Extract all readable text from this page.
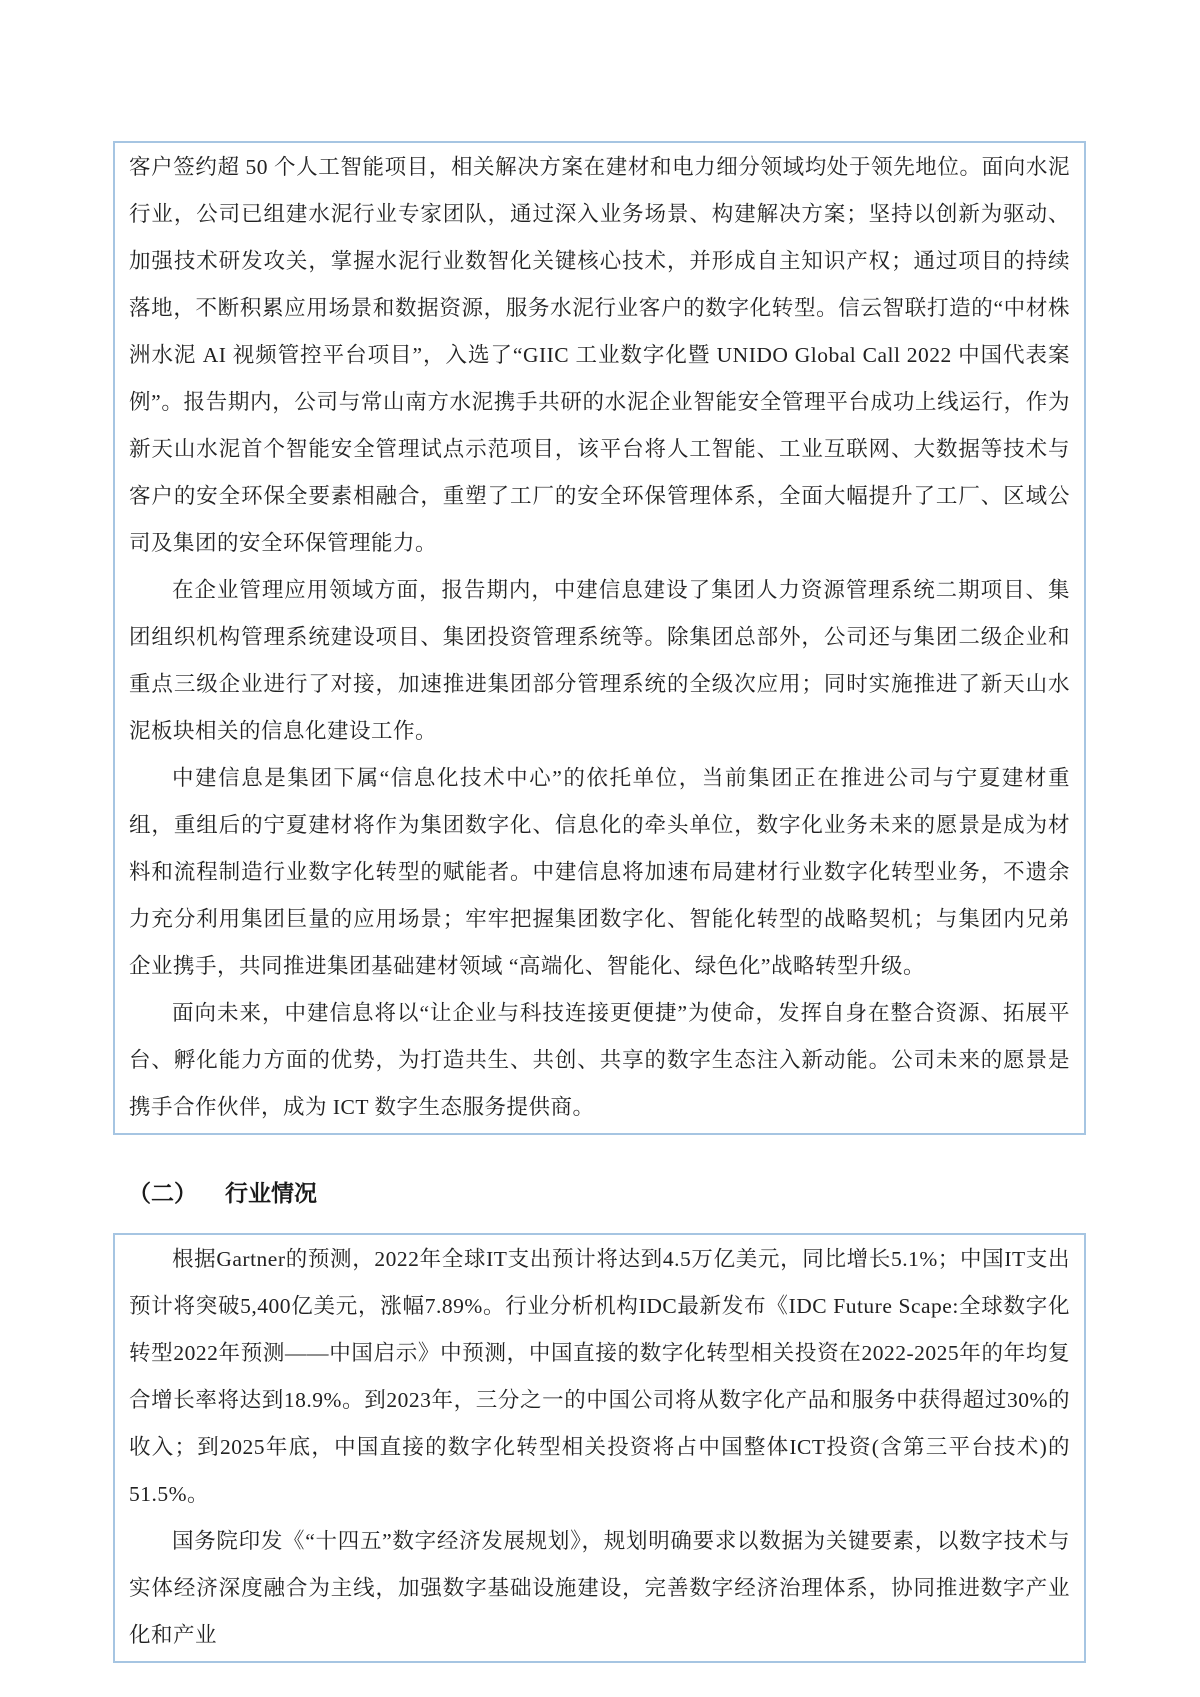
客户签约超 50 个人工智能项目，相关解决方案在建材和电力细分领域均处于领先地位。面向水泥行业，公司已组建水泥行业专家团队，通过深入业务场景、构建解决方案；坚持以创新为驱动、加强技术研发攻关，掌握水泥行业数智化关键核心技术，并形成自主知识产权；通过项目的持续落地，不断积累应用场景和数据资源，服务水泥行业客户的数字化转型。信云智联打造的“中材株洲水泥 AI 视频管控平台项目”，入选了“GIIC 工业数字化暨 UNIDO Global Call 2022 中国代表案例”。报告期内，公司与常山南方水泥携手共研的水泥企业智能安全管理平台成功上线运行，作为新天山水泥首个智能安全管理试点示范项目，该平台将人工智能、工业互联网、大数据等技术与客户的安全环保全要素相融合，重塑了工厂的安全环保管理体系，全面大幅提升了工厂、区域公司及集团的安全环保管理能力。

在企业管理应用领域方面，报告期内，中建信息建设了集团人力资源管理系统二期项目、集团组织机构管理系统建设项目、集团投资管理系统等。除集团总部外，公司还与集团二级企业和重点三级企业进行了对接，加速推进集团部分管理系统的全级次应用；同时实施推进了新天山水泥板块相关的信息化建设工作。

中建信息是集团下属“信息化技术中心”的依托单位，当前集团正在推进公司与宁夏建材重组，重组后的宁夏建材将作为集团数字化、信息化的牵头单位，数字化业务未来的愿景是成为材料和流程制造行业数字化转型的赋能者。中建信息将加速布局建材行业数字化转型业务，不遗余力充分利用集团巨量的应用场景；牢牢把握集团数字化、智能化转型的战略契机；与集团内兄弟企业携手，共同推进集团基础建材领域 “高端化、智能化、绿色化”战略转型升级。

面向未来，中建信息将以“让企业与科技连接更便捷”为使命，发挥自身在整合资源、拓展平台、孵化能力方面的优势，为打造共生、共创、共享的数字生态注入新动能。公司未来的愿景是携手合作伙伴，成为 ICT 数字生态服务提供商。

（二） 行业情况

根据Gartner的预测，2022年全球IT支出预计将达到4.5万亿美元，同比增长5.1%；中国IT支出预计将突破5,400亿美元，涨幅7.89%。行业分析机构IDC最新发布《IDC Future Scape:全球数字化转型2022年预测——中国启示》中预测，中国直接的数字化转型相关投资在2022-2025年的年均复合增长率将达到18.9%。到2023年，三分之一的中国公司将从数字化产品和服务中获得超过30%的收入；到2025年底，中国直接的数字化转型相关投资将占中国整体ICT投资(含第三平台技术)的51.5%。

国务院印发《“十四五”数字经济发展规划》，规划明确要求以数据为关键要素，以数字技术与实体经济深度融合为主线，加强数字基础设施建设，完善数字经济治理体系，协同推进数字产业化和产业
